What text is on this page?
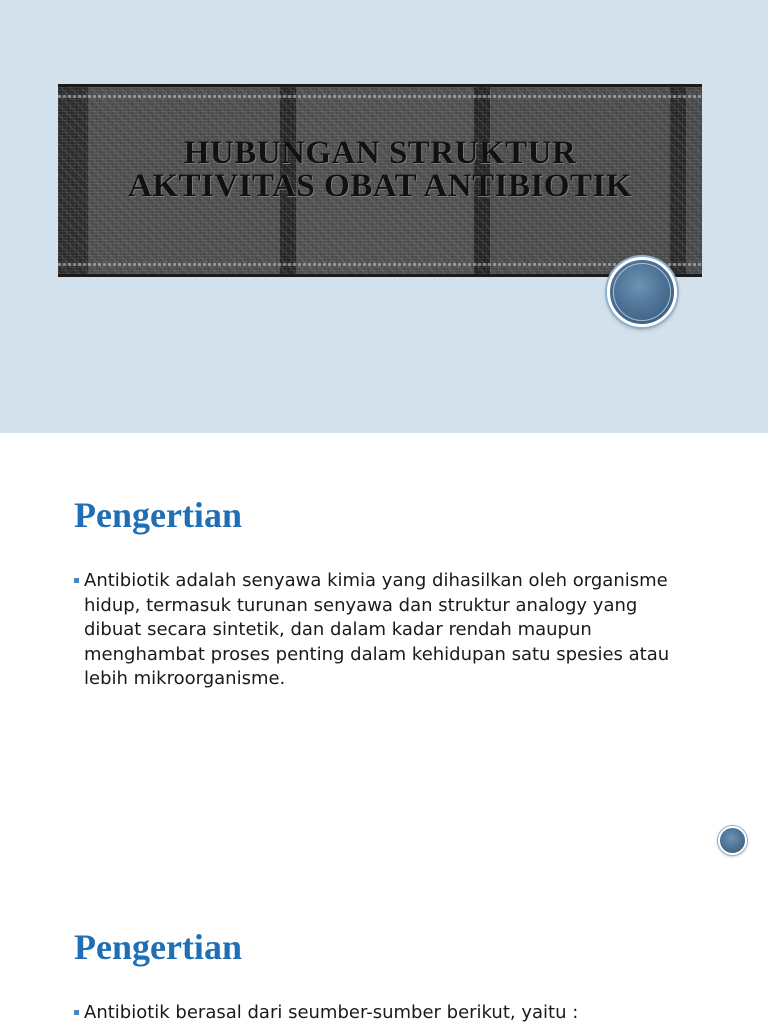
HUBUNGAN STRUKTUR
AKTIVITAS OBAT ANTIBIOTIK
Pengertian
Antibiotik adalah senyawa kimia yang dihasilkan oleh organisme hidup, termasuk turunan senyawa dan struktur analogy yang dibuat secara sintetik, dan dalam kadar rendah maupun menghambat proses penting dalam kehidupan satu spesies atau lebih mikroorganisme.
Pengertian
Antibiotik berasal dari seumber-sumber berikut, yaitu :
